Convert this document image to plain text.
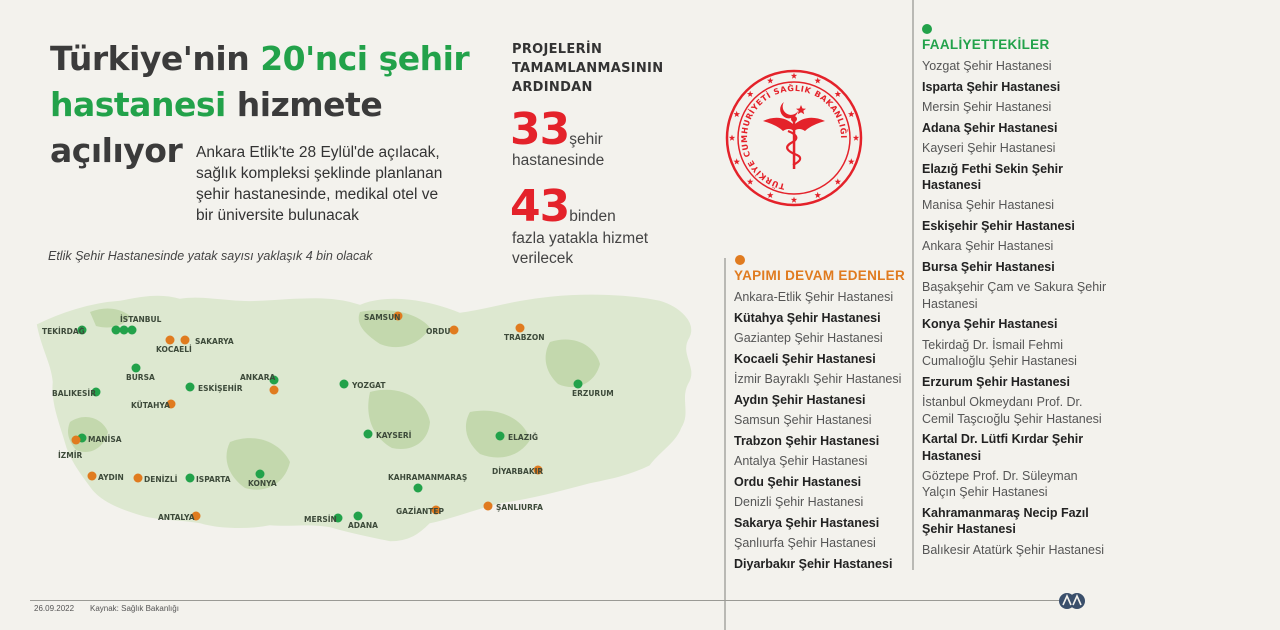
Türkiye'nin 20'nci şehir hastanesi hizmete açılıyor Ankara Etlik'te 28 Eylül'de açılacak, sağlık kompleksi şeklinde planlanan şehir hastanesinde, medikal otel ve bir üniversite bulunacak
Etlik Şehir Hastanesinde yatak sayısı yaklaşık 4 bin olacak
PROJELERİN TAMAMLANMASININ ARDINDAN
33şehir
hastanesinde
43binden
fazla yatakla hizmet verilecek
TÜRKİYE CUMHURİYETİ SAĞLIK BAKANLIĞI
TEKİRDAĞ
İSTANBUL
KOCAELİ
SAKARYA
BURSA
BALIKESİR
ESKİŞEHİR
KÜTAHYA
ANKARA
YOZGAT
SAMSUN
ORDU
TRABZON
ERZURUM
MANİSA
İZMİR
AYDIN	DENİZLİ ISPARTA KONYA
KAYSERİ	ELAZIĞ
KAHRAMANMARAŞ
DİYARBAKIR
ŞANLIURFA
GAZİANTEP
ADANA
MERSİN
ANTALYA
YAPIMI DEVAM EDENLER
Ankara-Etlik Şehir Hastanesi
Kütahya Şehir Hastanesi
Gaziantep Şehir Hastanesi
Kocaeli Şehir Hastanesi
İzmir Bayraklı Şehir Hastanesi
Aydın Şehir Hastanesi
Samsun Şehir Hastanesi
Trabzon Şehir Hastanesi
Antalya Şehir Hastanesi
Ordu Şehir Hastanesi
Denizli Şehir Hastanesi
Sakarya Şehir Hastanesi
Şanlıurfa Şehir Hastanesi
Diyarbakır Şehir Hastanesi
FAALİYETTEKİLER
Yozgat Şehir Hastanesi
Isparta Şehir Hastanesi
Mersin Şehir Hastanesi
Adana Şehir Hastanesi
Kayseri Şehir Hastanesi
Elazığ Fethi Sekin Şehir Hastanesi
Manisa Şehir Hastanesi
Eskişehir Şehir Hastanesi
Ankara Şehir Hastanesi
Bursa Şehir Hastanesi
Başakşehir Çam ve Sakura Şehir Hastanesi
Konya Şehir Hastanesi
Tekirdağ Dr. İsmail Fehmi Cumalıoğlu Şehir Hastanesi
Erzurum Şehir Hastanesi
İstanbul Okmeydanı Prof. Dr. Cemil Taşcıoğlu Şehir Hastanesi
Kartal Dr. Lütfi Kırdar Şehir Hastanesi
Göztepe Prof. Dr. Süleyman Yalçın Şehir Hastanesi
Kahramanmaraş Necip Fazıl Şehir Hastanesi
Balıkesir Atatürk Şehir Hastanesi
26.09.2022 Kaynak: Sağlık Bakanlığı
